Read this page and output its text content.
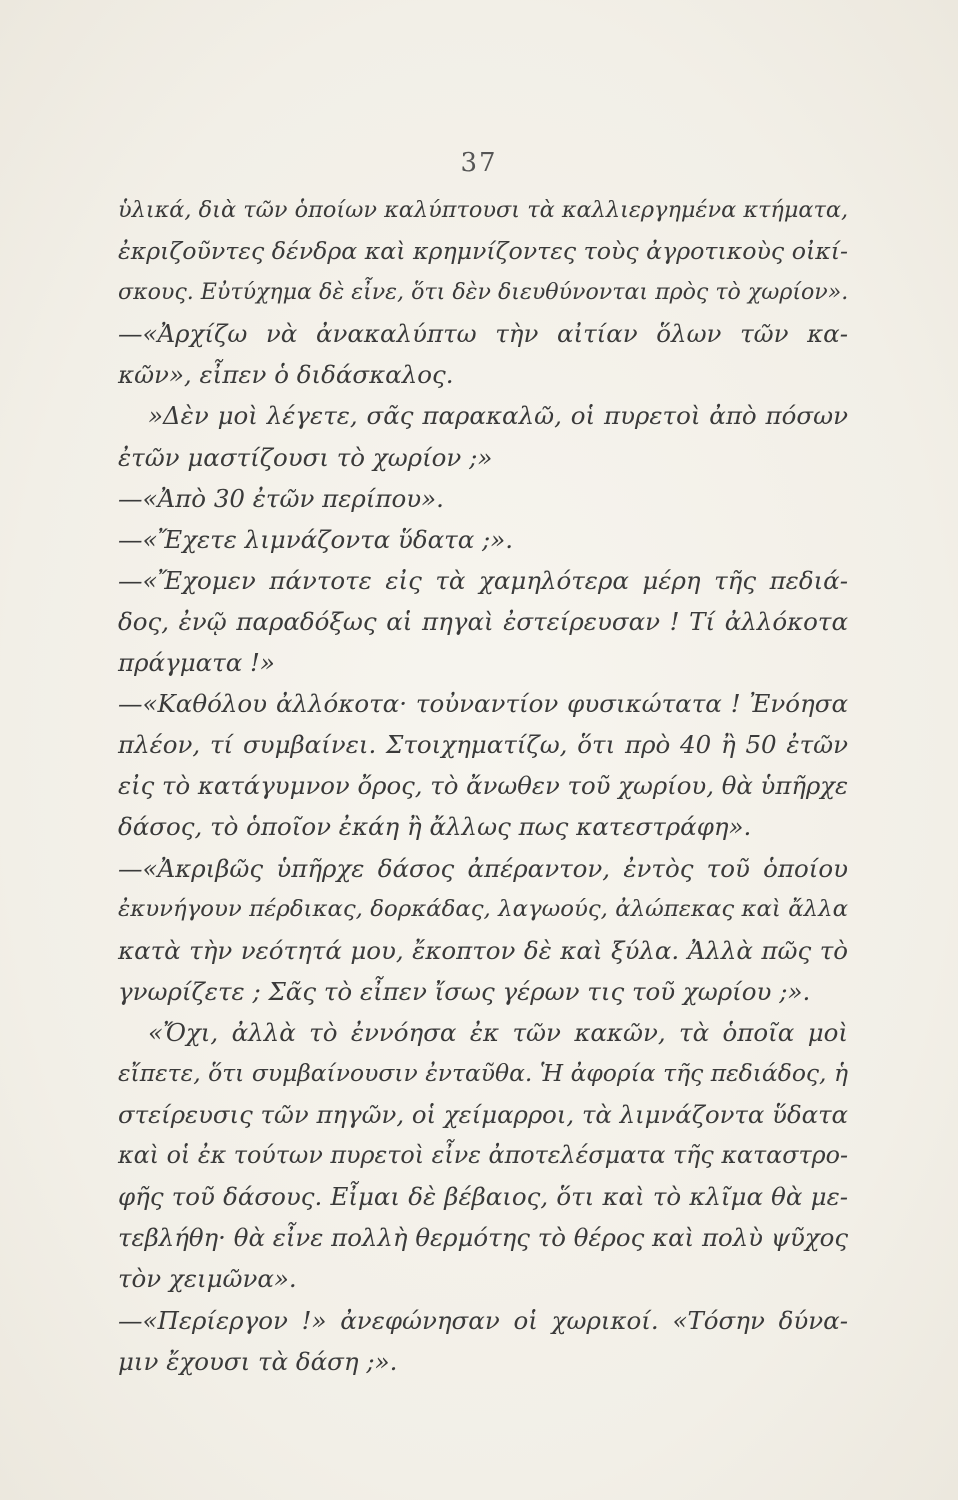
37
ὑλικά, διὰ τῶν ὁποίων καλύπτουσι τὰ καλλιεργημένα κτήματα,
ἐκριζοῦντες δένδρα καὶ κρημνίζοντες τοὺς ἀγροτικοὺς οἰκί-
σκους. Εὐτύχημα δὲ εἶνε, ὅτι δὲν διευθύνονται πρὸς τὸ χωρίον».
—«Ἀρχίζω νὰ ἀνακαλύπτω τὴν αἰτίαν ὅλων τῶν κα-
κῶν», εἶπεν ὁ διδάσκαλος.
»Δὲν μοὶ λέγετε, σᾶς παρακαλῶ, οἱ πυρετοὶ ἀπὸ πόσων
ἐτῶν μαστίζουσι τὸ χωρίον ;»
—«Ἀπὸ 30 ἐτῶν περίπου».
—«Ἔχετε λιμνάζοντα ὕδατα ;».
—«Ἔχομεν πάντοτε εἰς τὰ χαμηλότερα μέρη τῆς πεδιά-
δος, ἐνῷ παραδόξως αἱ πηγαὶ ἐστείρευσαν ! Τί ἀλλόκοτα
πράγματα !»
—«Καθόλου ἀλλόκοτα· τοὐναντίον φυσικώτατα ! Ἐνόησα
πλέον, τί συμβαίνει. Στοιχηματίζω, ὅτι πρὸ 40 ἢ 50 ἐτῶν
εἰς τὸ κατάγυμνον ὄρος, τὸ ἄνωθεν τοῦ χωρίου, θὰ ὑπῆρχε
δάσος, τὸ ὁποῖον ἐκάη ἢ ἄλλως πως κατεστράφη».
—«Ἀκριβῶς ὑπῆρχε δάσος ἀπέραντον, ἐντὸς τοῦ ὁποίου
ἐκυνήγουν πέρδικας, δορκάδας, λαγωούς, ἀλώπεκας καὶ ἄλλα
κατὰ τὴν νεότητά μου, ἔκοπτον δὲ καὶ ξύλα. Ἀλλὰ πῶς τὸ
γνωρίζετε ; Σᾶς τὸ εἶπεν ἴσως γέρων τις τοῦ χωρίου ;».
«Ὄχι, ἀλλὰ τὸ ἐννόησα ἐκ τῶν κακῶν, τὰ ὁποῖα μοὶ
εἴπετε, ὅτι συμβαίνουσιν ἐνταῦθα. Ἡ ἀφορία τῆς πεδιάδος, ἡ
στείρευσις τῶν πηγῶν, οἱ χείμαρροι, τὰ λιμνάζοντα ὕδατα
καὶ οἱ ἐκ τούτων πυρετοὶ εἶνε ἀποτελέσματα τῆς καταστρο-
φῆς τοῦ δάσους. Εἶμαι δὲ βέβαιος, ὅτι καὶ τὸ κλῖμα θὰ με-
τεβλήθη· θὰ εἶνε πολλὴ θερμότης τὸ θέρος καὶ πολὺ ψῦχος
τὸν χειμῶνα».
—«Περίεργον !» ἀνεφώνησαν οἱ χωρικοί. «Τόσην δύνα-
μιν ἔχουσι τὰ δάση ;».
